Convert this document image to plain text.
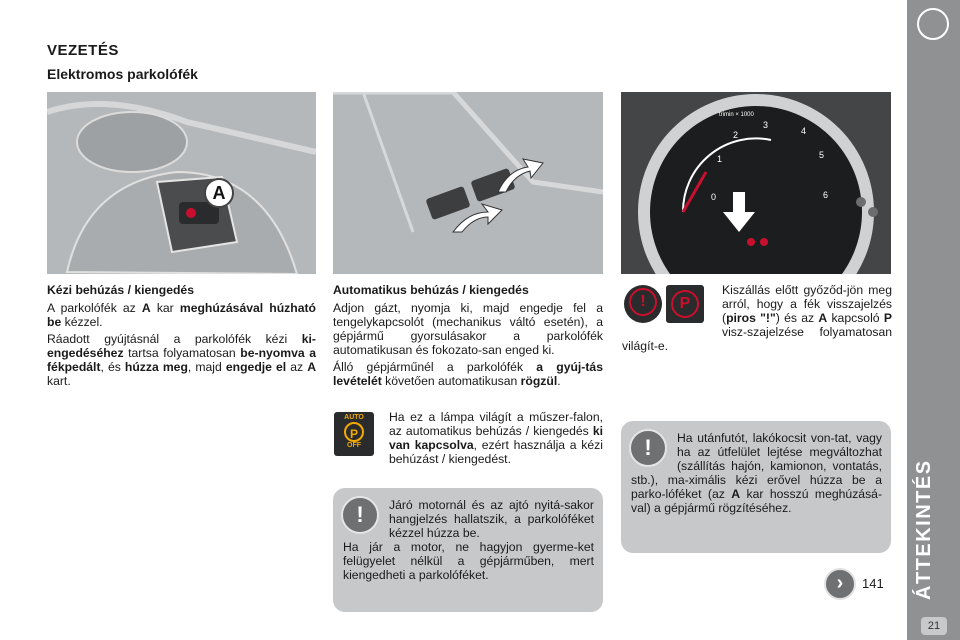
VEZETÉS
Elektromos parkolófék
A
trimin × 1000
0
1
2
3
4
5
6
Kézi behúzás / kiengedés
A parkolófék az A kar meghúzásával húzható be kézzel.
Ráadott gyújtásnál a parkolófék kézi ki-engedéséhez tartsa folyamatosan be-nyomva a fékpedált, és húzza meg, majd engedje el az A kart.
Automatikus behúzás / kiengedés
Adjon gázt, nyomja ki, majd engedje fel a tengelykapcsolót (mechanikus váltó esetén), a gépjármű gyorsulásakor a parkolófék automatikusan és fokozato-san enged ki.
Álló gépjárműnél a parkolófék a gyúj-tás levételét követően automatikusan rögzül.
AUTO
P
OFF
Ha ez a lámpa világít a műszer-falon, az automatikus behúzás / kiengedés ki van kapcsolva, ezért használja a kézi behúzást / kiengedést.
!	Járó motornál és az ajtó nyitá-sakor hangjelzés hallatszik, a parkolóféket kézzel húzza be.
Ha jár a motor, ne hagyjon gyerme-ket felügyelet nélkül a gépjárműben, mert kiengedheti a parkolóféket.
!	P
Kiszállás előtt győződ-jön meg arról, hogy a fék visszajelzés (piros "!") és az A kapcsoló P visz-szajelzése folyamatosan világít-e.
!	Ha utánfutót, lakókocsit von-tat, vagy ha az útfelület lejtése megváltozhat (szállítás hajón, kamionon, vontatás, stb.), ma-ximális kézi erővel húzza be a parko-lóféket (az A kar hosszú meghúzásá-val) a gépjármű rögzítéséhez.
›	141 ÁTTEKINTÉS
21
